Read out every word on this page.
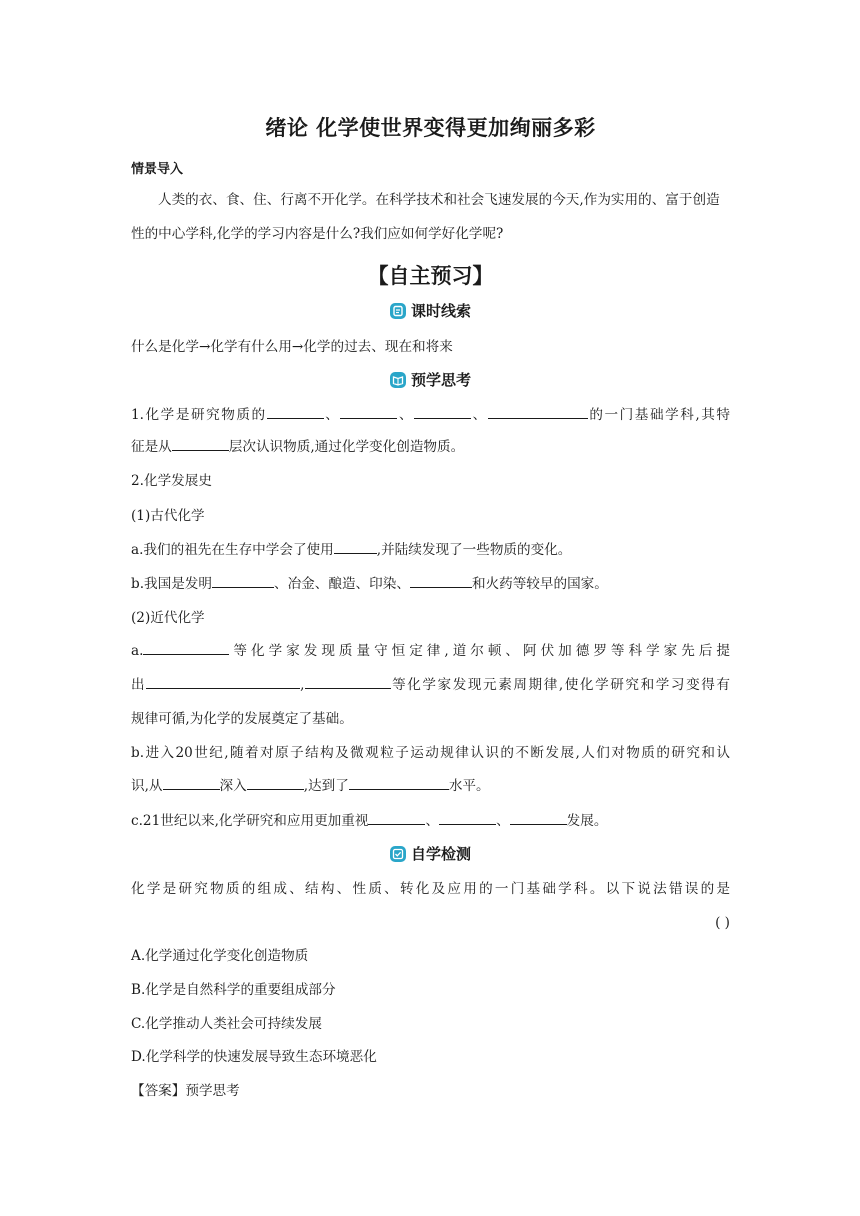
绪论 化学使世界变得更加绚丽多彩
情景导入
人类的衣、食、住、行离不开化学。在科学技术和社会飞速发展的今天,作为实用的、富于创造性的中心学科,化学的学习内容是什么?我们应如何学好化学呢?
【自主预习】
课时线索
什么是化学→化学有什么用→化学的过去、现在和将来
预学思考
1.化学是研究物质的	、	、	、	的一门基础学科,其特
征是从	层次认识物质,通过化学变化创造物质。
2.化学发展史
(1)古代化学
a.我们的祖先在生存中学会了使用	,并陆续发现了一些物质的变化。
b.我国是发明	、冶金、酿造、印染、	和火药等较早的国家。
(2)近代化学
a.	等化学家发现质量守恒定律,道尔顿、阿伏加德罗等科学家先后提
出	,	等化学家发现元素周期律,使化学研究和学习变得有
规律可循,为化学的发展奠定了基础。
b.进入20世纪,随着对原子结构及微观粒子运动规律认识的不断发展,人们对物质的研究和认
识,从	深入	,达到了	水平。
c.21世纪以来,化学研究和应用更加重视	、	、	发展。
自学检测
化学是研究物质的组成、结构、性质、转化及应用的一门基础学科。以下说法错误的是
( )
A.化学通过化学变化创造物质
B.化学是自然科学的重要组成部分
C.化学推动人类社会可持续发展
D.化学科学的快速发展导致生态环境恶化
【答案】预学思考
